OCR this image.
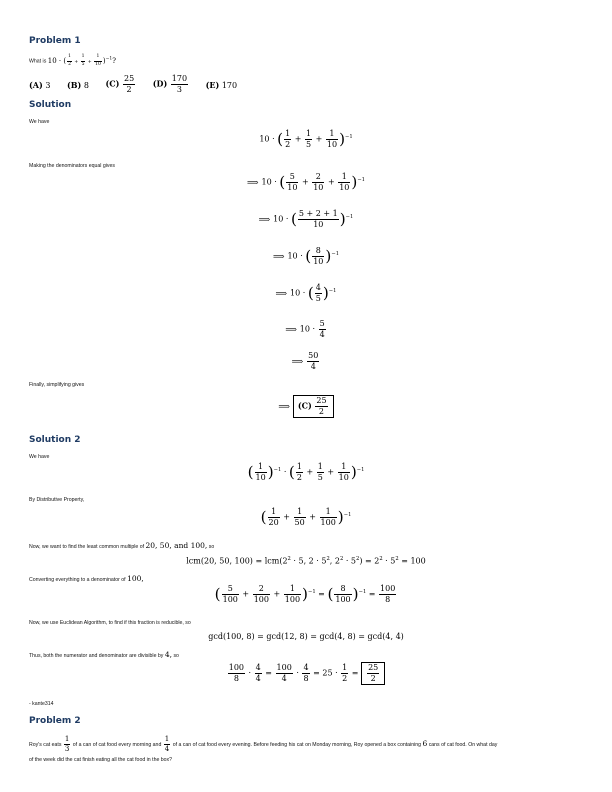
Problem 1

What is 10 · ( $\frac{1}{2} + \frac{1}{5} + \frac{1}{10} )^{-1}$?

(A) 3 (B) 8 $(C) \frac{25}{2} (D) \frac{170}{3} (E)$ 170
Solution

We have

10 · ( $\frac{1}{2} + \frac{1}{5} + \frac{1}{10} )^{-1}$

Making the denominators equal gives

⟹ 10 · ( $\frac{5}{10} + \frac{2}{10} + \frac{1}{10} )^{-1}$
⟹ 10 · ( $\frac{5 + 2 + 1}{10} )^{-1}$
⟹ 10 · ( $\frac{8}{10} )^{-1}$
⟹ 10 · ( $\frac{4}{5} )^{-1}$
⟹ $10 \cdot \frac{5}{4}$
⟹ $\frac{50}{4}$

Finally, simplifying gives

⟹ $(C) \frac{25}{2}$
Solution 2

We have

( $\frac{1}{10} )^{-1}$ · ( $\frac{1}{2} + \frac{1}{5} + \frac{1}{10} )^{-1}$

By Distributive Property,

( $\frac{1}{20} + \frac{1}{50} + \frac{1}{100} )^{-1}$

Now, we want to find the least common multiple of 20, 50, and 100, so

lcm(20, 50, $100) = lcm(2^2 \cdot 5$, $2 \cdot 5^2$, $2^2 \cdot 5^2) = 2^2 \cdot 5^2 = 100$

Converting everything to a denominator of 100,

( $\frac{5}{100} + \frac{2}{100} + \frac{1}{100} )^{-1}$ = ( $\frac{8}{100} )^{-1} = \frac{100}{8}$

Now, we use Euclidean Algorithm, to find if this fraction is reducible, so

gcd(100, 8) = gcd(12, 8) = gcd(4, 8) = gcd(4, 4)

Thus, both the numerator and denominator are divisible by 4, so

$\frac{100}{8} \cdot \frac{4}{4} = \frac{100}{4} \cdot \frac{4}{8} = 25 \cdot \frac{1}{2} = \frac{25}{2}$

- kante314

Problem 2

Roy's cat eats $\frac{1}{3}$ of a can of cat food every morning and $\frac{1}{4}$ of a can of cat food every evening. Before feeding his cat on Monday morning, Roy opened a box containing 6 cans of cat food. On what day

of the week did the cat finish eating all the cat food in the box?
